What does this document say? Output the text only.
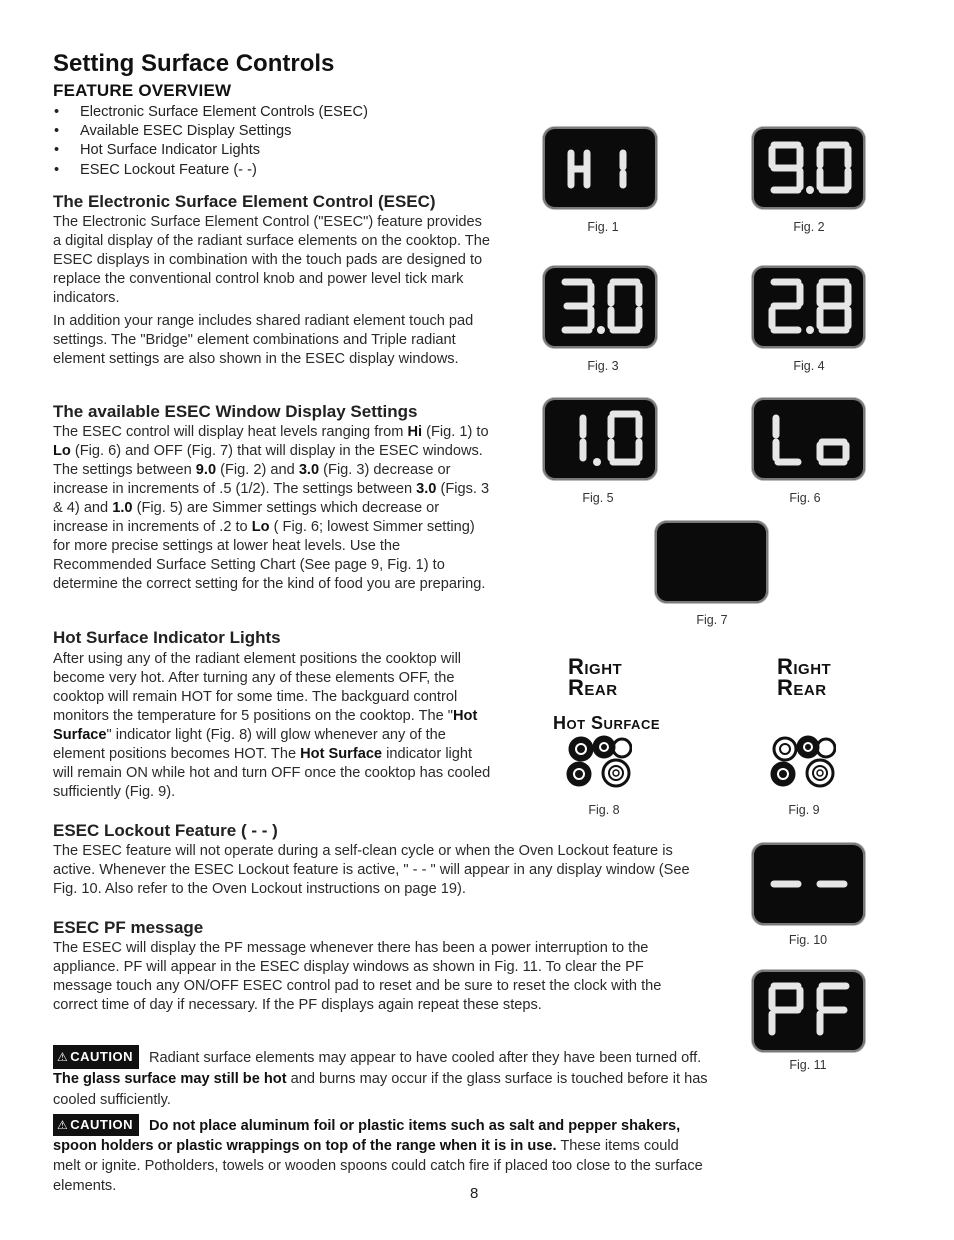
Setting Surface Controls
FEATURE OVERVIEW
• Electronic Surface Element Controls (ESEC)
• Available ESEC Display Settings
• Hot Surface Indicator Lights
• ESEC Lockout Feature (- -)
The Electronic Surface Element Control (ESEC)

The Electronic Surface Element Control ("ESEC") feature provides a digital display of the radiant surface elements on the cooktop. The ESEC displays in combination with the touch pads are designed to replace the conventional control knob and power level tick mark indicators.

In addition your range includes shared radiant element touch pad settings. The "Bridge" element combinations and Triple radiant element settings are also shown in the ESEC display windows.

The available ESEC Window Display Settings
The ESEC control will display heat levels ranging from Hi (Fig. 1) to Lo (Fig. 6) and OFF (Fig. 7) that will display in the ESEC windows. The settings between 9.0 (Fig. 2) and 3.0 (Fig. 3) decrease or increase in increments of .5 (1/2). The settings between 3.0 (Figs. 3 & 4) and 1.0 (Fig. 5) are Simmer settings which decrease or increase in increments of .2 to Lo ( Fig. 6; lowest Simmer setting) for more precise settings at lower heat levels. Use the Recommended Surface Setting Chart (See page 9, Fig. 1) to determine the correct setting for the kind of food you are preparing.
Hot Surface Indicator Lights
After using any of the radiant element positions the cooktop will become very hot. After turning any of these elements OFF, the cooktop will remain HOT for some time. The backguard control monitors the temperature for 5 positions on the cooktop. The "Hot Surface" indicator light (Fig. 8) will glow whenever any of the element positions becomes HOT. The Hot Surface indicator light will remain ON while hot and turn OFF once the cooktop has cooled sufficiently (Fig. 9).
ESEC Lockout Feature ( - - )
The ESEC feature will not operate during a self-clean cycle or when the Oven Lockout feature is active. Whenever the ESEC Lockout feature is active, " - - " will appear in any display window (See Fig. 10. Also refer to the Oven Lockout instructions on page 19).
ESEC PF message
The ESEC will display the PF message whenever there has been a power interruption to the appliance. PF will appear in the ESEC display windows as shown in Fig. 11. To clear the PF message touch any ON/OFF ESEC control pad to reset and be sure to reset the clock with the correct time of day if necessary. If the PF displays again repeat these steps.
⚠ CAUTION Radiant surface elements may appear to have cooled after they have been turned off. The glass surface may still be hot and burns may occur if the glass surface is touched before it has cooled sufficiently.
⚠ CAUTION Do not place aluminum foil or plastic items such as salt and pepper shakers, spoon holders or plastic wrappings on top of the range when it is in use. These items could melt or ignite. Potholders, towels or wooden spoons could catch fire if placed too close to the surface elements.	8
Fig. 1	Fig. 2
Fig. 3	Fig. 4
Fig. 5	Fig. 6
Fig. 7
Right
Rear
Hot Surface
Fig. 8
Right
Rear
Fig. 9
Fig. 10
Fig. 11
